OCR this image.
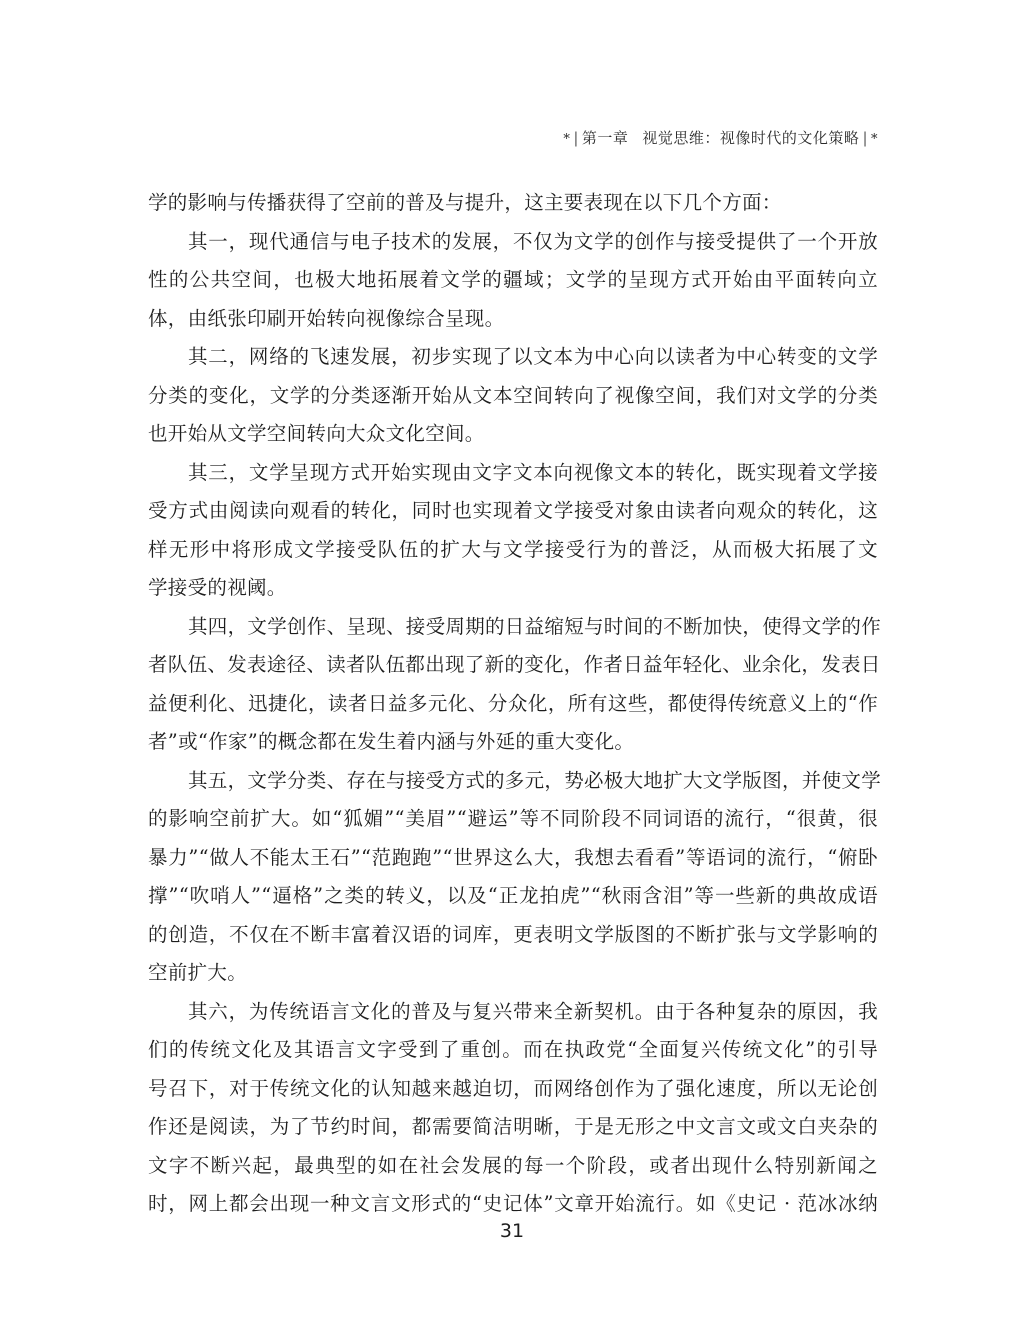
* | 第一章 视觉思维：视像时代的文化策略 | *
学的影响与传播获得了空前的普及与提升，这主要表现在以下几个方面：
其一，现代通信与电子技术的发展，不仅为文学的创作与接受提供了一个开放
性的公共空间，也极大地拓展着文学的疆域；文学的呈现方式开始由平面转向立
体，由纸张印刷开始转向视像综合呈现。
其二，网络的飞速发展，初步实现了以文本为中心向以读者为中心转变的文学
分类的变化，文学的分类逐渐开始从文本空间转向了视像空间，我们对文学的分类
也开始从文学空间转向大众文化空间。
其三，文学呈现方式开始实现由文字文本向视像文本的转化，既实现着文学接
受方式由阅读向观看的转化，同时也实现着文学接受对象由读者向观众的转化，这
样无形中将形成文学接受队伍的扩大与文学接受行为的普泛，从而极大拓展了文
学接受的视阈。
其四，文学创作、呈现、接受周期的日益缩短与时间的不断加快，使得文学的作
者队伍、发表途径、读者队伍都出现了新的变化，作者日益年轻化、业余化，发表日
益便利化、迅捷化，读者日益多元化、分众化，所有这些，都使得传统意义上的“作
者”或“作家”的概念都在发生着内涵与外延的重大变化。
其五，文学分类、存在与接受方式的多元，势必极大地扩大文学版图，并使文学
的影响空前扩大。如“狐媚”“美眉”“避运”等不同阶段不同词语的流行，“很黄，很
暴力”“做人不能太王石”“范跑跑”“世界这么大，我想去看看”等语词的流行，“俯卧
撑”“吹哨人”“逼格”之类的转义，以及“正龙拍虎”“秋雨含泪”等一些新的典故成语
的创造，不仅在不断丰富着汉语的词库，更表明文学版图的不断扩张与文学影响的
空前扩大。
其六，为传统语言文化的普及与复兴带来全新契机。由于各种复杂的原因，我
们的传统文化及其语言文字受到了重创。而在执政党“全面复兴传统文化”的引导
号召下，对于传统文化的认知越来越迫切，而网络创作为了强化速度，所以无论创
作还是阅读，为了节约时间，都需要简洁明晰，于是无形之中文言文或文白夹杂的
文字不断兴起，最典型的如在社会发展的每一个阶段，或者出现什么特别新闻之
时，网上都会出现一种文言文形式的“史记体”文章开始流行。如《史记 · 范冰冰纳
31
